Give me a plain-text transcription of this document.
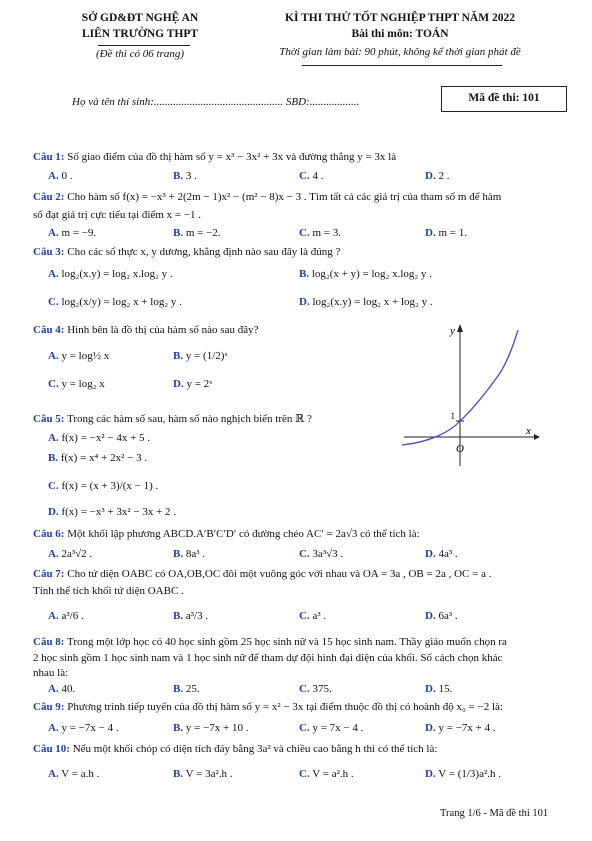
SỞ GD&ĐT NGHỆ AN
LIÊN TRƯỜNG THPT
(Đề thi có 06 trang)
KÌ THI THỬ TỐT NGHIỆP THPT NĂM 2022
Bài thi môn: TOÁN
Thời gian làm bài: 90 phút, không kể thời gian phát đề
Họ và tên thí sinh:............................................... SBD:..................	Mã đề thi: 101
Câu 1: Số giao điểm của đồ thị hàm số y = x³ − 3x² + 3x và đường thẳng y = 3x là
A. 0 .	B. 3 .	C. 4 .	D. 2 .
Câu 2: Cho hàm số f(x) = −x³ + 2(2m − 1)x² − (m² − 8)x − 3 . Tìm tất cả các giá trị của tham số m để hàm
số đạt giá trị cực tiểu tại điểm x = −1 .
A. m = −9.	B. m = −2.	C. m = 3.	D. m = 1.
Câu 3: Cho các số thực x, y dương, khẳng định nào sau đây là đúng ?
A. log₂(x.y) = log₂ x.log₂ y .	B. log₂(x + y) = log₂ x.log₂ y .
C. log₂(x/y) = log₂ x + log₂ y .	D. log₂(x.y) = log₂ x + log₂ y .
Câu 4: Hình bên là đồ thị của hàm số nào sau đây?
A. y = log½ x	B. y = (1/2)ˣ
C. y = log₂ x	D. y = 2ˣ
y
x
O
1
Câu 5: Trong các hàm số sau, hàm số nào nghịch biến trên ℝ ?
A. f(x) = −x² − 4x + 5 .
B. f(x) = x⁴ + 2x² − 3 .
C. f(x) = (x + 3)/(x − 1) .
D. f(x) = −x³ + 3x² − 3x + 2 .
Câu 6: Một khối lập phương ABCD.A′B′C′D′ có đường chéo AC′ = 2a√3 có thể tích là:
A. 2a³√2 .	B. 8a³ .	C. 3a³√3 .	D. 4a³ .
Câu 7: Cho tứ diện OABC có OA,OB,OC đôi một vuông góc với nhau và OA = 3a , OB = 2a , OC = a .
Tính thể tích khối tứ diện OABC .
A. a³/6 .	B. a³/3 .	C. a³ .	D. 6a³ .
Câu 8: Trong một lớp học có 40 học sinh gồm 25 học sinh nữ và 15 học sinh nam. Thầy giáo muốn chọn ra
2 học sinh gồm 1 học sinh nam và 1 học sinh nữ để tham dự đội hình đại diện của khối. Số cách chọn khác
nhau là:
A. 40.	B. 25.	C. 375.	D. 15.
Câu 9: Phương trình tiếp tuyến của đồ thị hàm số y = x² − 3x tại điểm thuộc đồ thị có hoành độ x₀ = −2 là:
A. y = −7x − 4 .	B. y = −7x + 10 .	C. y = 7x − 4 .	D. y = −7x + 4 .
Câu 10: Nếu một khối chóp có diện tích đáy bằng 3a² và chiều cao bằng h thì có thể tích là:
A. V = a.h .	B. V = 3a².h .	C. V = a².h .	D. V = (1/3)a².h .
Trang 1/6 - Mã đề thi 101
